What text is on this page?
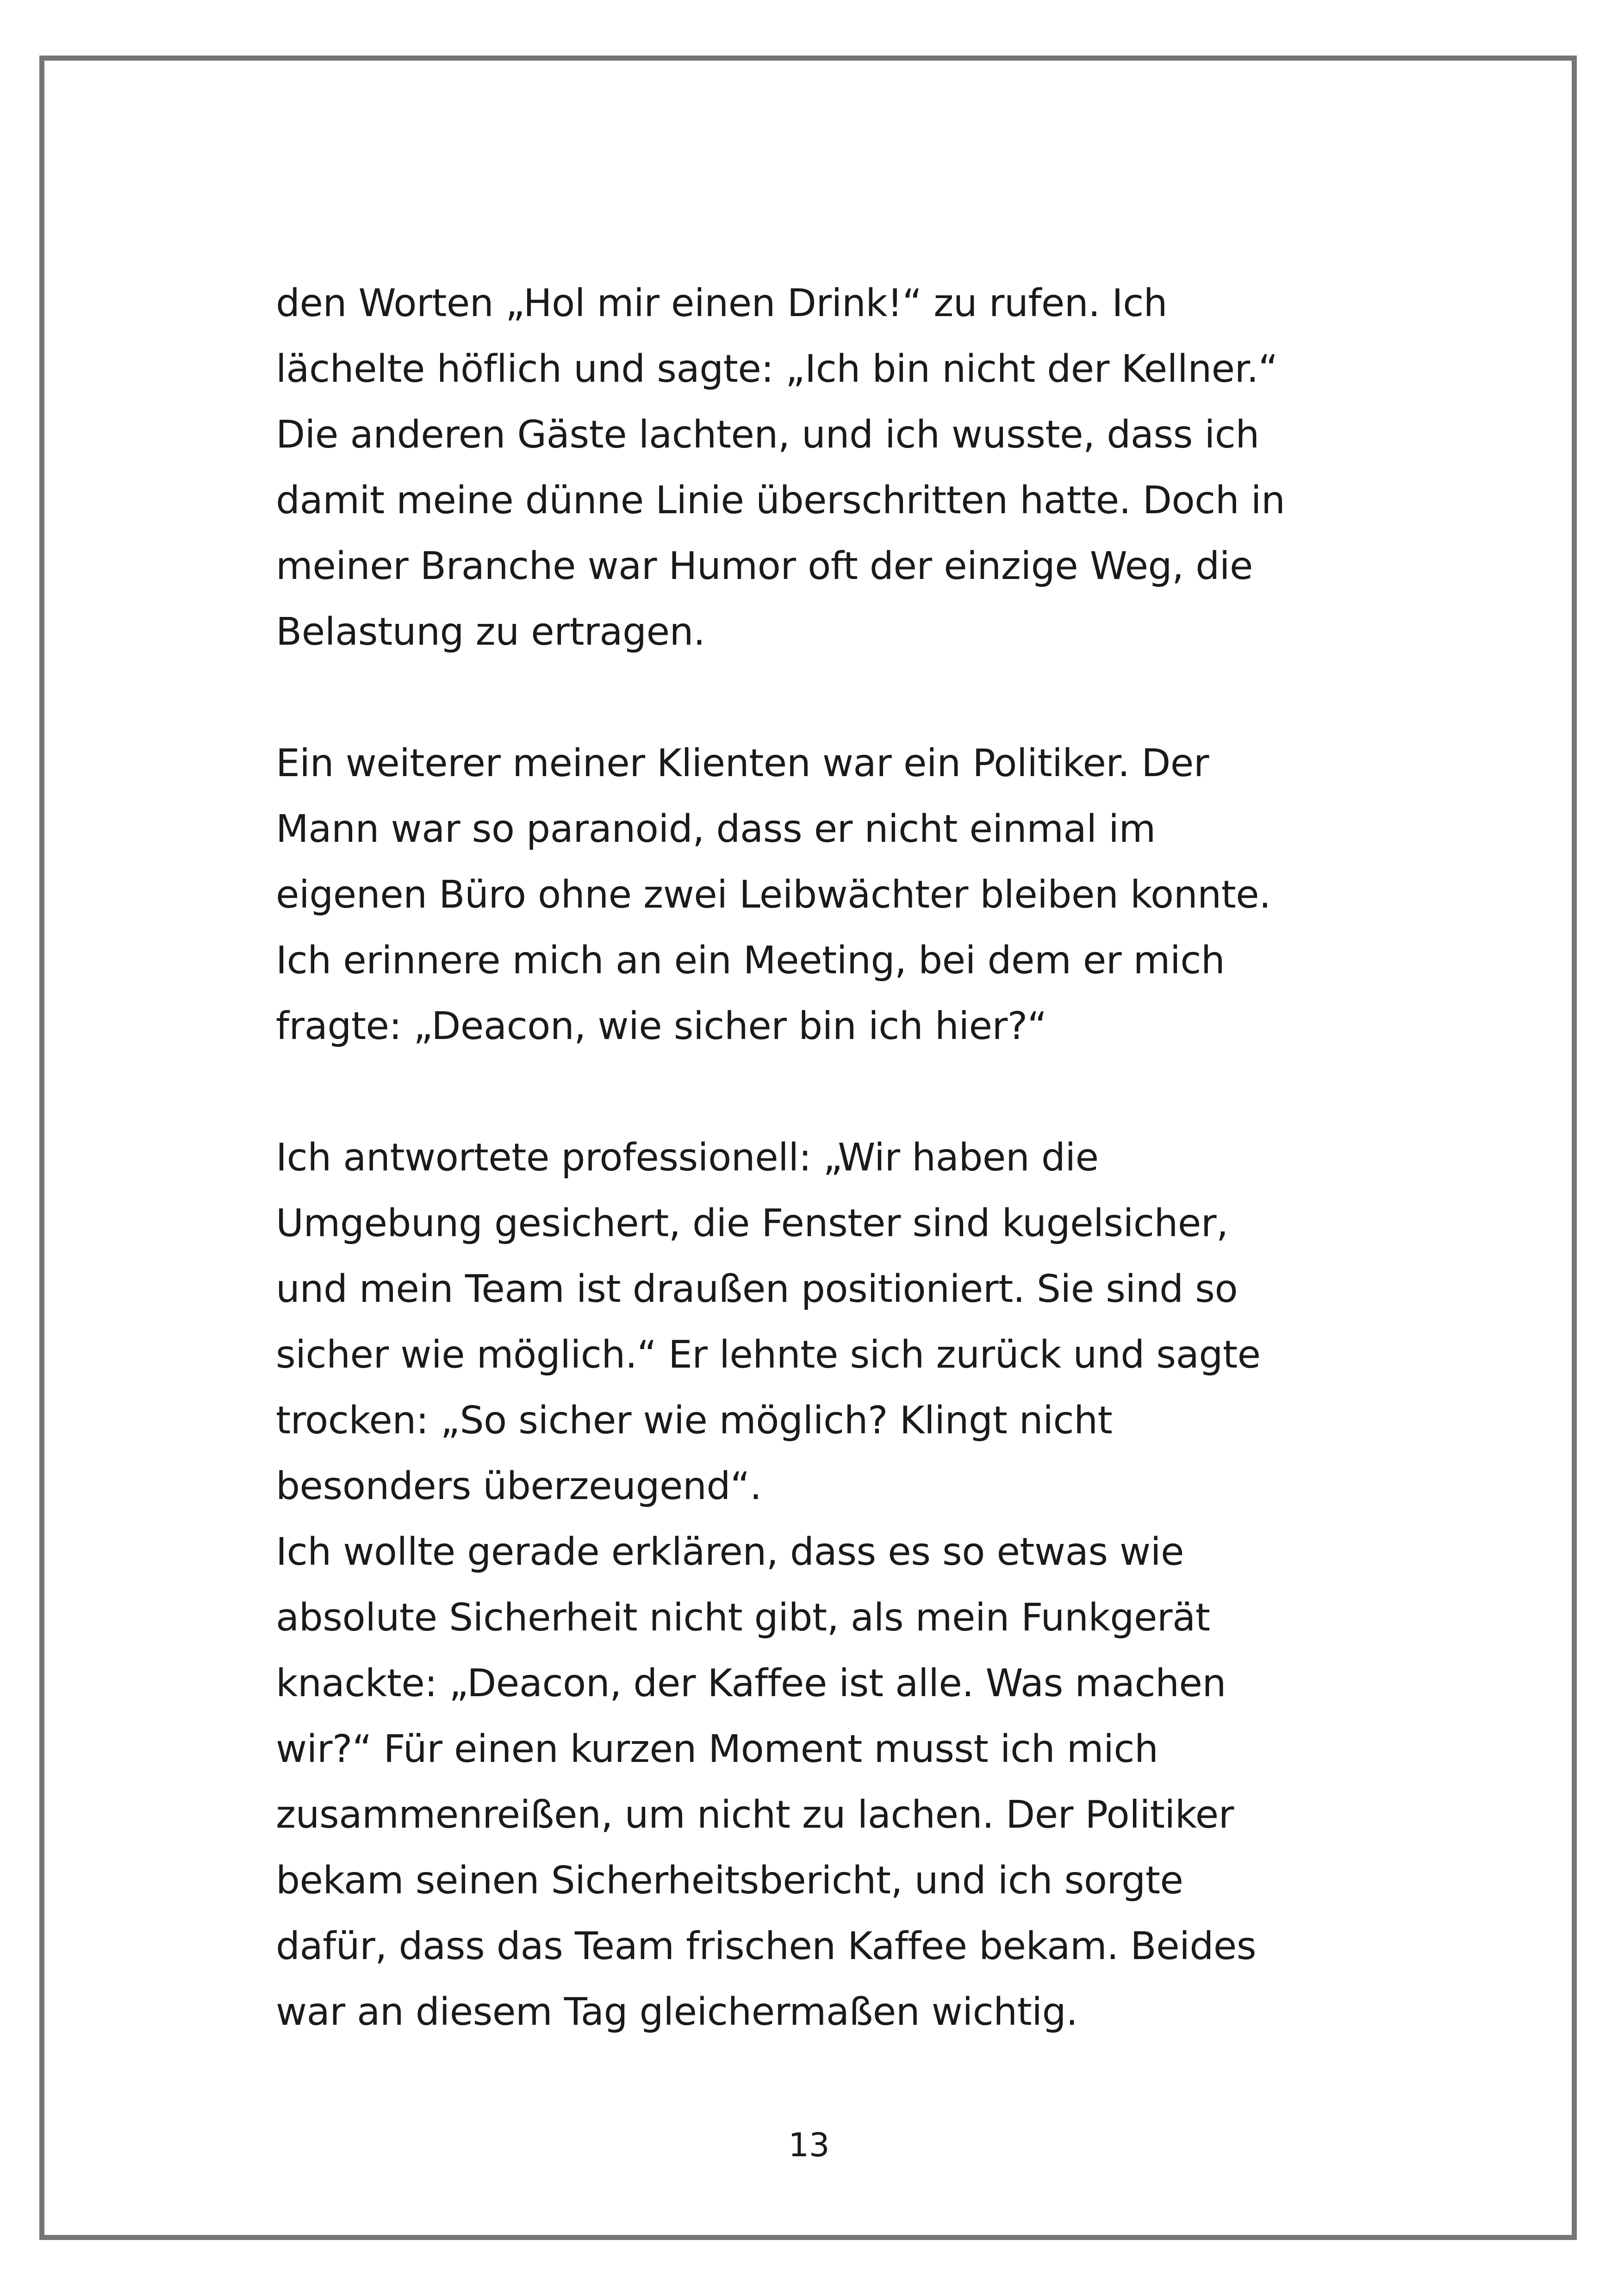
den Worten „Hol mir einen Drink!“ zu rufen. Ich
lächelte höflich und sagte: „Ich bin nicht der Kellner.“
Die anderen Gäste lachten, und ich wusste, dass ich
damit meine dünne Linie überschritten hatte. Doch in
meiner Branche war Humor oft der einzige Weg, die
Belastung zu ertragen.
Ein weiterer meiner Klienten war ein Politiker. Der
Mann war so paranoid, dass er nicht einmal im
eigenen Büro ohne zwei Leibwächter bleiben konnte.
Ich erinnere mich an ein Meeting, bei dem er mich
fragte: „Deacon, wie sicher bin ich hier?“
Ich antwortete professionell: „Wir haben die
Umgebung gesichert, die Fenster sind kugelsicher,
und mein Team ist draußen positioniert. Sie sind so
sicher wie möglich.“ Er lehnte sich zurück und sagte
trocken: „So sicher wie möglich? Klingt nicht
besonders überzeugend“.
Ich wollte gerade erklären, dass es so etwas wie
absolute Sicherheit nicht gibt, als mein Funkgerät
knackte: „Deacon, der Kaffee ist alle. Was machen
wir?“ Für einen kurzen Moment musst ich mich
zusammenreißen, um nicht zu lachen. Der Politiker
bekam seinen Sicherheitsbericht, und ich sorgte
dafür, dass das Team frischen Kaffee bekam. Beides
war an diesem Tag gleichermaßen wichtig.
13
